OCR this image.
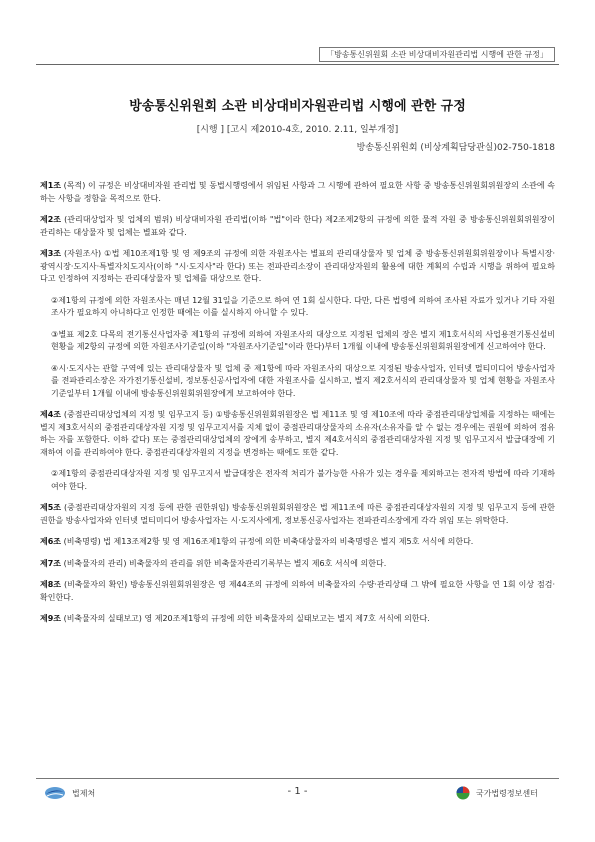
「방송통신위원회 소관 비상대비자원관리법 시행에 관한 규정」
방송통신위원회 소관 비상대비자원관리법 시행에 관한 규정
[시행 ] [고시 제2010-4호, 2010. 2.11, 일부개정]
방송통신위원회 (비상계획담당관실)02-750-1818

제1조 (목적) 이 규정은 비상대비자원 관리법 및 동법시행령에서 위임된 사항과 그 시행에 관하여 필요한 사항 중 방송통신위원회위원장의 소관에 속하는 사항을 정함을 목적으로 한다.

제2조 (관리대상업자 및 업체의 범위) 비상대비자원 관리법(이하 "법"이라 한다) 제2조제2항의 규정에 의한 물적 자원 중 방송통신위원회위원장이 관리하는 대상물자 및 업체는 별표와 같다.

제3조 (자원조사) ①법 제10조제1항 및 영 제9조의 규정에 의한 자원조사는 별표의 관리대상물자 및 업체 중 방송통신위원회위원장이나 특별시장·광역시장·도지사·특별자치도지사(이하 "시·도지사"라 한다) 또는 전파관리소장이 관리대상자원의 활용에 대한 계획의 수립과 시행을 위하여 필요하다고 인정하여 지정하는 관리대상물자 및 업체를 대상으로 한다.

②제1항의 규정에 의한 자원조사는 매년 12월 31일을 기준으로 하여 연 1회 실시한다. 다만, 다른 법령에 의하여 조사된 자료가 있거나 기타 자원조사가 필요하지 아니하다고 인정한 때에는 이를 실시하지 아니할 수 있다.

③별표 제2호 다목의 전기통신사업자중 제1항의 규정에 의하여 자원조사의 대상으로 지정된 업체의 장은 별지 제1호서식의 사업용전기통신설비 현황을 제2항의 규정에 의한 자원조사기준일(이하 "자원조사기준일"이라 한다)부터 1개월 이내에 방송통신위원회위원장에게 신고하여야 한다.

④시·도지사는 관할 구역에 있는 관리대상물자 및 업체 중 제1항에 따라 자원조사의 대상으로 지정된 방송사업자, 인터넷 멀티미디어 방송사업자를 전파관리소장은 자가전기통신설비, 정보통신공사업자에 대한 자원조사를 실시하고, 별지 제2호서식의 관리대상물자 및 업체 현황을 자원조사기준일부터 1개월 이내에 방송통신위원회위원장에게 보고하여야 한다.

제4조 (중점관리대상업체의 지정 및 임무고지 등) ①방송통신위원회위원장은 법 제11조 및 영 제10조에 따라 중점관리대상업체를 지정하는 때에는 별지 제3호서식의 중점관리대상자원 지정 및 임무고지서를 지체 없이 중점관리대상물자의 소유자(소유자를 알 수 없는 경우에는 권원에 의하여 점유하는 자를 포함한다. 이하 같다) 또는 중점관리대상업체의 장에게 송부하고, 별지 제4호서식의 중점관리대상자원 지정 및 임무고지서 발급대장에 기재하여 이를 관리하여야 한다. 중점관리대상자원의 지정을 변경하는 때에도 또한 같다.

②제1항의 중점관리대상자원 지정 및 임무고지서 발급대장은 전자적 처리가 불가능한 사유가 있는 경우를 제외하고는 전자적 방법에 따라 기재하여야 한다.

제5조 (중점관리대상자원의 지정 등에 관한 권한위임) 방송통신위원회위원장은 법 제11조에 따른 중점관리대상자원의 지정 및 임무고지 등에 관한 권한을 방송사업자와 인터넷 멀티미디어 방송사업자는 시·도지사에게, 정보통신공사업자는 전파관리소장에게 각각 위임 또는 위탁한다.

제6조 (비축명령) 법 제13조제2항 및 영 제16조제1항의 규정에 의한 비축대상물자의 비축명령은 별지 제5호 서식에 의한다.

제7조 (비축물자의 관리) 비축물자의 관리를 위한 비축물자관리기록부는 별지 제6호 서식에 의한다.

제8조 (비축물자의 확인) 방송통신위원회위원장은 영 제44조의 규정에 의하여 비축물자의 수량·관리상태 그 밖에 필요한 사항을 연 1회 이상 점검·확인한다.

제9조 (비축물자의 실태보고) 영 제20조제1항의 규정에 의한 비축물자의 실태보고는 별지 제7호 서식에 의한다.

법제처	- 1 -	국가법령정보센터
